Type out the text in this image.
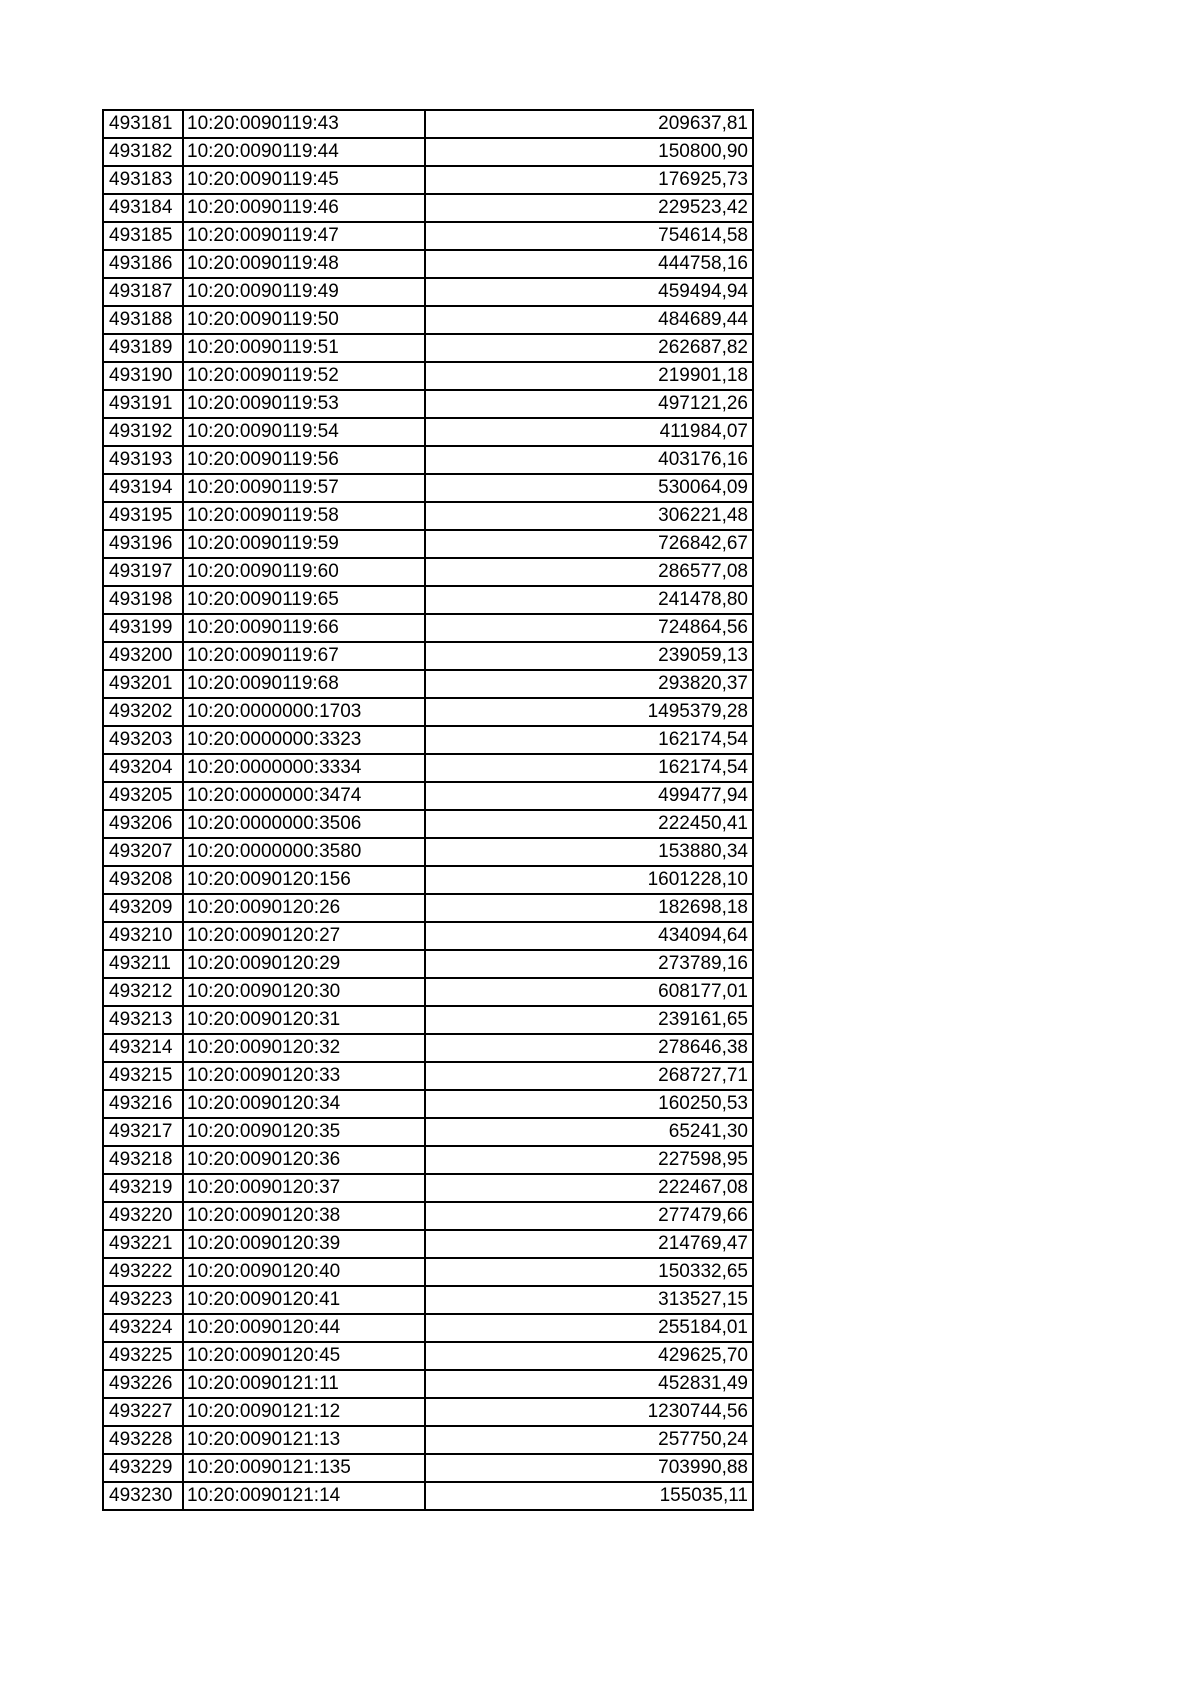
493181	10:20:0090119:43	209637,81
493182	10:20:0090119:44	150800,90
493183	10:20:0090119:45	176925,73
493184	10:20:0090119:46	229523,42
493185	10:20:0090119:47	754614,58
493186	10:20:0090119:48	444758,16
493187	10:20:0090119:49	459494,94
493188	10:20:0090119:50	484689,44
493189	10:20:0090119:51	262687,82
493190	10:20:0090119:52	219901,18
493191	10:20:0090119:53	497121,26
493192	10:20:0090119:54	411984,07
493193	10:20:0090119:56	403176,16
493194	10:20:0090119:57	530064,09
493195	10:20:0090119:58	306221,48
493196	10:20:0090119:59	726842,67
493197	10:20:0090119:60	286577,08
493198	10:20:0090119:65	241478,80
493199	10:20:0090119:66	724864,56
493200	10:20:0090119:67	239059,13
493201	10:20:0090119:68	293820,37
493202	10:20:0000000:1703	1495379,28
493203	10:20:0000000:3323	162174,54
493204	10:20:0000000:3334	162174,54
493205	10:20:0000000:3474	499477,94
493206	10:20:0000000:3506	222450,41
493207	10:20:0000000:3580	153880,34
493208	10:20:0090120:156	1601228,10
493209	10:20:0090120:26	182698,18
493210	10:20:0090120:27	434094,64
493211	10:20:0090120:29	273789,16
493212	10:20:0090120:30	608177,01
493213	10:20:0090120:31	239161,65
493214	10:20:0090120:32	278646,38
493215	10:20:0090120:33	268727,71
493216	10:20:0090120:34	160250,53
493217	10:20:0090120:35	65241,30
493218	10:20:0090120:36	227598,95
493219	10:20:0090120:37	222467,08
493220	10:20:0090120:38	277479,66
493221	10:20:0090120:39	214769,47
493222	10:20:0090120:40	150332,65
493223	10:20:0090120:41	313527,15
493224	10:20:0090120:44	255184,01
493225	10:20:0090120:45	429625,70
493226	10:20:0090121:11	452831,49
493227	10:20:0090121:12	1230744,56
493228	10:20:0090121:13	257750,24
493229	10:20:0090121:135	703990,88
493230	10:20:0090121:14	155035,11
